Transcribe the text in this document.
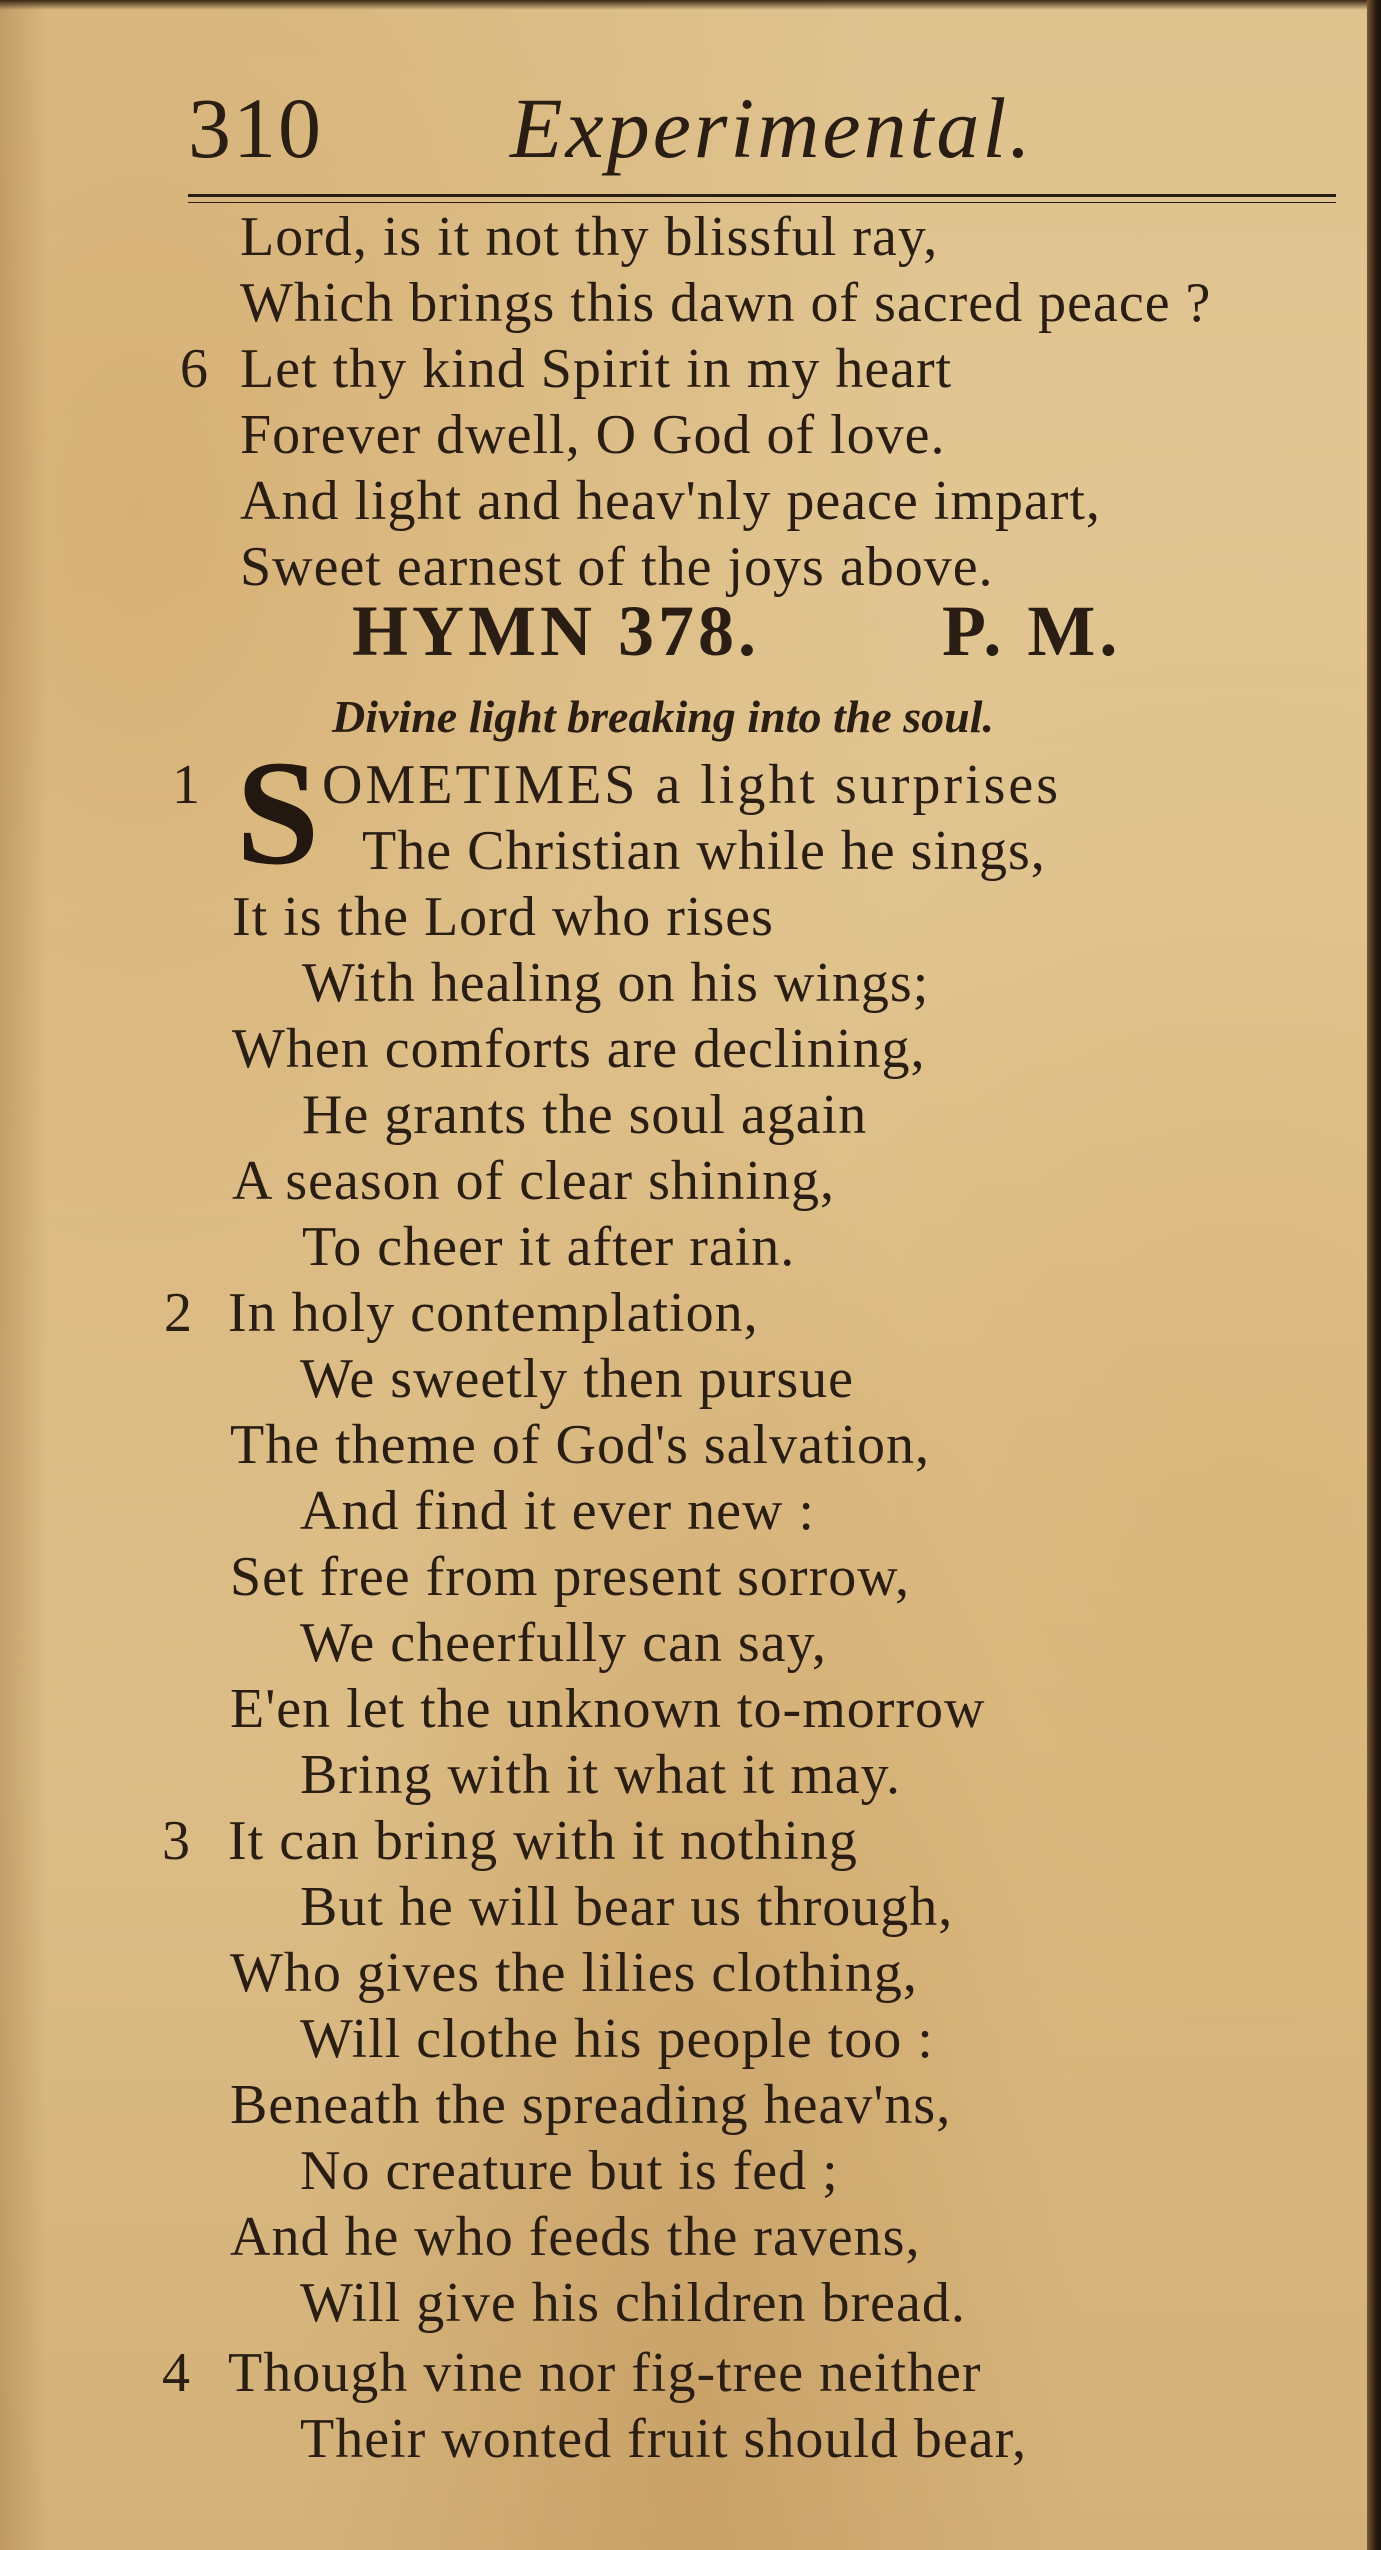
310 Experimental.
Lord, is it not thy blissful ray,
Which brings this dawn of sacred peace ?
6 Let thy kind Spirit in my heart
Forever dwell, O God of love.
And light and heav'nly peace impart,
Sweet earnest of the joys above.
HYMN 378.	P. M.
Divine light breaking into the soul.
1 S OMETIMES a light surprises
The Christian while he sings,
It is the Lord who rises
With healing on his wings;
When comforts are declining,
He grants the soul again
A season of clear shining,
To cheer it after rain.
2 In holy contemplation,
We sweetly then pursue
The theme of God's salvation,
And find it ever new :
Set free from present sorrow,
We cheerfully can say,
E'en let the unknown to-morrow
Bring with it what it may.
3 It can bring with it nothing
But he will bear us through,
Who gives the lilies clothing,
Will clothe his people too :
Beneath the spreading heav'ns,
No creature but is fed ;
And he who feeds the ravens,
Will give his children bread.
4 Though vine nor fig-tree neither
Their wonted fruit should bear,
